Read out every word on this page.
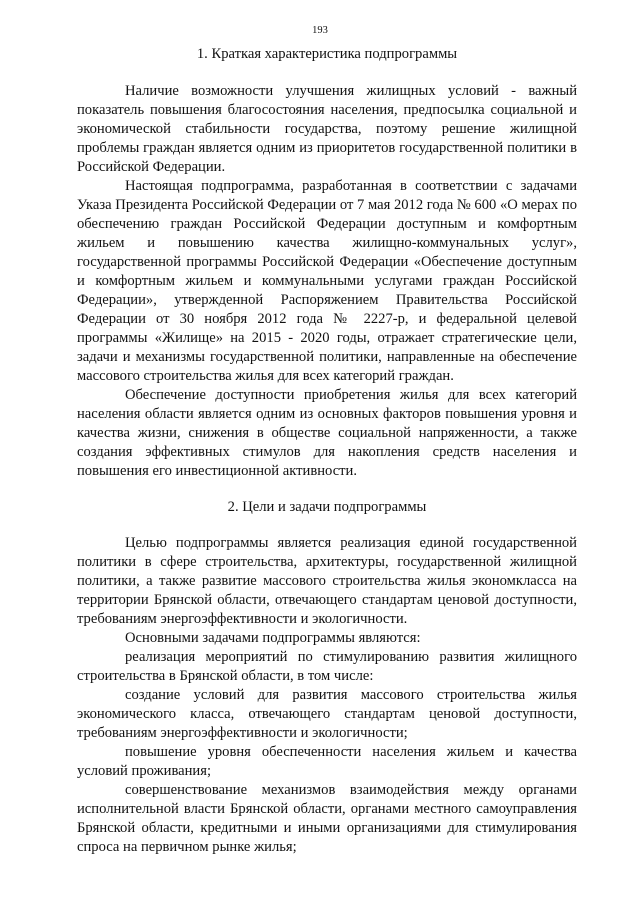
193
1. Краткая характеристика подпрограммы

Наличие возможности улучшения жилищных условий - важный показатель повышения благосостояния населения, предпосылка социальной и экономической стабильности государства, поэтому решение жилищной проблемы граждан является одним из приоритетов государственной политики в Российской Федерации.

Настоящая подпрограмма, разработанная в соответствии с задачами Указа Президента Российской Федерации от 7 мая 2012 года № 600 «О мерах по обеспечению граждан Российской Федерации доступным и комфортным жильем и повышению качества жилищно-коммунальных услуг», государственной программы Российской Федерации «Обеспечение доступным и комфортным жильем и коммунальными услугами граждан Российской Федерации», утвержденной Распоряжением Правительства Российской Федерации от 30 ноября 2012 года № 2227-р, и федеральной целевой программы «Жилище» на 2015 - 2020 годы, отражает стратегические цели, задачи и механизмы государственной политики, направленные на обеспечение массового строительства жилья для всех категорий граждан.

Обеспечение доступности приобретения жилья для всех категорий населения области является одним из основных факторов повышения уровня и качества жизни, снижения в обществе социальной напряженности, а также создания эффективных стимулов для накопления средств населения и повышения его инвестиционной активности.

2. Цели и задачи подпрограммы

Целью подпрограммы является реализация единой государственной политики в сфере строительства, архитектуры, государственной жилищной политики, а также развитие массового строительства жилья экономкласса на территории Брянской области, отвечающего стандартам ценовой доступности, требованиям энергоэффективности и экологичности.

Основными задачами подпрограммы являются:

реализация мероприятий по стимулированию развития жилищного строительства в Брянской области, в том числе:

создание условий для развития массового строительства жилья экономического класса, отвечающего стандартам ценовой доступности, требованиям энергоэффективности и экологичности;

повышение уровня обеспеченности населения жильем и качества условий проживания;

совершенствование механизмов взаимодействия между органами исполнительной власти Брянской области, органами местного самоуправления Брянской области, кредитными и иными организациями для стимулирования спроса на первичном рынке жилья;
